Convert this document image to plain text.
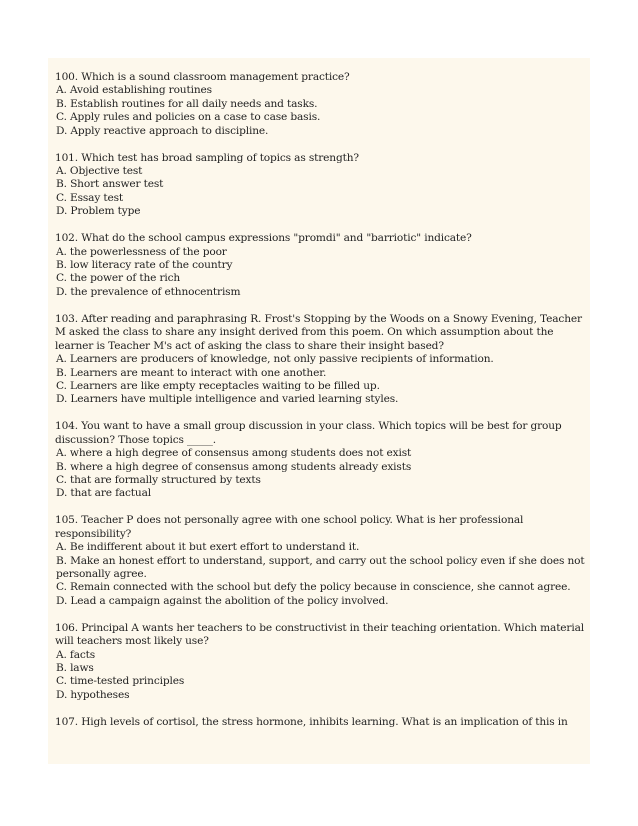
100. Which is a sound classroom management practice?
A. Avoid establishing routines
B. Establish routines for all daily needs and tasks.
C. Apply rules and policies on a case to case basis.
D. Apply reactive approach to discipline.
101. Which test has broad sampling of topics as strength?
A. Objective test
B. Short answer test
C. Essay test
D. Problem type
102. What do the school campus expressions "promdi" and "barriotic" indicate?
A. the powerlessness of the poor
B. low literacy rate of the country
C. the power of the rich
D. the prevalence of ethnocentrism
103. After reading and paraphrasing R. Frost's Stopping by the Woods on a Snowy Evening, Teacher M asked the class to share any insight derived from this poem. On which assumption about the learner is Teacher M's act of asking the class to share their insight based?
A. Learners are producers of knowledge, not only passive recipients of information.
B. Learners are meant to interact with one another.
C. Learners are like empty receptacles waiting to be filled up.
D. Learners have multiple intelligence and varied learning styles.
104. You want to have a small group discussion in your class. Which topics will be best for group discussion? Those topics _____.
A. where a high degree of consensus among students does not exist
B. where a high degree of consensus among students already exists
C. that are formally structured by texts
D. that are factual
105. Teacher P does not personally agree with one school policy. What is her professional responsibility?
A. Be indifferent about it but exert effort to understand it.
B. Make an honest effort to understand, support, and carry out the school policy even if she does not personally agree.
C. Remain connected with the school but defy the policy because in conscience, she cannot agree.
D. Lead a campaign against the abolition of the policy involved.
106. Principal A wants her teachers to be constructivist in their teaching orientation. Which material will teachers most likely use?
A. facts
B. laws
C. time-tested principles
D. hypotheses
107. High levels of cortisol, the stress hormone, inhibits learning. What is an implication of this in
